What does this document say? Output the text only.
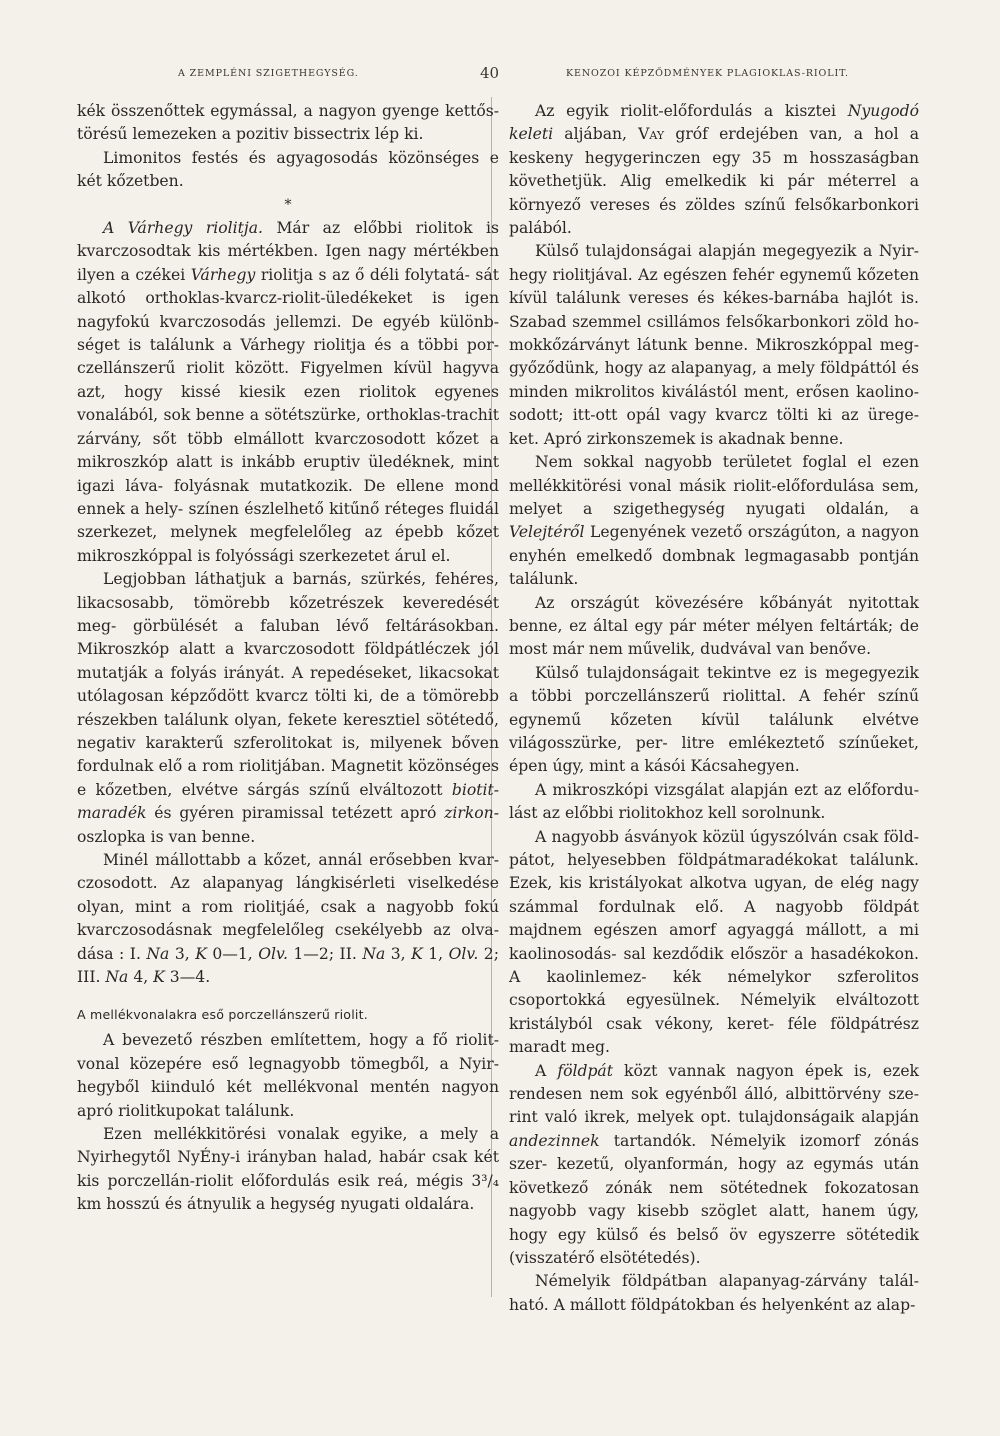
A ZEMPLÉNI SZIGETHEGYSÉG.	40	KENOZOI KÉPZŐDMÉNYEK PLAGIOKLAS-RIOLIT.

kék összenőttek egymással, a nagyon gyenge kettős- törésű lemezeken a pozitiv bissectrix lép ki.

Limonitos festés és agyagosodás közönséges e két kőzetben.

*

A Várhegy riolitja. Már az előbbi riolitok is kvarczosodtak kis mértékben. Igen nagy mértékben ilyen a czékei Várhegy riolitja s az ő déli folytatá- sát alkotó orthoklas-kvarcz-riolit-üledékeket is igen nagyfokú kvarczosodás jellemzi. De egyéb különb- séget is találunk a Várhegy riolitja és a többi por- czellánszerű riolit között. Figyelmen kívül hagyva azt, hogy kissé kiesik ezen riolitok egyenes vonalából, sok benne a sötétszürke, orthoklas-trachit zárvány, sőt több elmállott kvarczosodott kőzet a mikroszkóp alatt is inkább eruptiv üledéknek, mint igazi láva- folyásnak mutatkozik. De ellene mond ennek a hely- színen észlelhető kitűnő réteges fluidál szerkezet, melynek megfelelőleg az épebb kőzet mikroszkóppal is folyóssági szerkezetet árul el.

Legjobban láthatjuk a barnás, szürkés, fehéres, likacsosabb, tömörebb kőzetrészek keveredését meg- görbülését a faluban lévő feltárásokban. Mikroszkóp alatt a kvarczosodott földpátléczek jól mutatják a folyás irányát. A repedéseket, likacsokat utólagosan képződött kvarcz tölti ki, de a tömörebb részekben találunk olyan, fekete keresztiel sötétedő, negativ karakterű szferolitokat is, milyenek bőven fordulnak elő a rom riolitjában. Magnetit közönséges e kőzetben, elvétve sárgás színű elváltozott biotit- maradék és gyéren piramissal tetézett apró zirkon- oszlopka is van benne.

Minél mállottabb a kőzet, annál erősebben kvar- czosodott. Az alapanyag lángkisérleti viselkedése olyan, mint a rom riolitjáé, csak a nagyobb fokú kvarczosodásnak megfelelőleg csekélyebb az olva- dása : I. Na 3, K 0—1, Olv. 1—2; II. Na 3, K 1, Olv. 2; III. Na 4, K 3—4.

A mellékvonalakra eső porczellánszerű riolit.

A bevezető részben említettem, hogy a fő riolit- vonal közepére eső legnagyobb tömegből, a Nyir- hegyből kiinduló két mellékvonal mentén nagyon apró riolitkupokat találunk.

Ezen mellékkitörési vonalak egyike, a mely a Nyirhegytől NyÉny-i irányban halad, habár csak két kis porczellán-riolit előfordulás esik reá, mégis 3³/₄ km hosszú és átnyulik a hegység nyugati oldalára.

Az egyik riolit-előfordulás a kisztei Nyugodó keleti aljában, Vay gróf erdejében van, a hol a keskeny hegygerinczen egy 35 m hosszaságban követhetjük. Alig emelkedik ki pár méterrel a környező vereses és zöldes színű felsőkarbonkori palából.

Külső tulajdonságai alapján megegyezik a Nyir- hegy riolitjával. Az egészen fehér egynemű kőzeten kívül találunk vereses és kékes-barnába hajlót is. Szabad szemmel csillámos felsőkarbonkori zöld ho- mokkőzárványt látunk benne. Mikroszkóppal meg- győződünk, hogy az alapanyag, a mely földpáttól és minden mikrolitos kiválástól ment, erősen kaolino- sodott; itt-ott opál vagy kvarcz tölti ki az ürege- ket. Apró zirkonszemek is akadnak benne.

Nem sokkal nagyobb területet foglal el ezen mellékkitörési vonal másik riolit-előfordulása sem, melyet a szigethegység nyugati oldalán, a Velejtéről Legenyének vezető országúton, a nagyon enyhén emelkedő dombnak legmagasabb pontján találunk.

Az országút kövezésére kőbányát nyitottak benne, ez által egy pár méter mélyen feltárták; de most már nem művelik, dudvával van benőve.

Külső tulajdonságait tekintve ez is megegyezik a többi porczellánszerű riolittal. A fehér színű egynemű kőzeten kívül találunk elvétve világosszürke, per- litre emlékeztető színűeket, épen úgy, mint a kásói Kácsahegyen.

A mikroszkópi vizsgálat alapján ezt az előfordu- lást az előbbi riolitokhoz kell sorolnunk.

A nagyobb ásványok közül úgyszólván csak föld- pátot, helyesebben földpátmaradékokat találunk. Ezek, kis kristályokat alkotva ugyan, de elég nagy számmal fordulnak elő. A nagyobb földpát majdnem egészen amorf agyaggá mállott, a mi kaolinosodás- sal kezdődik először a hasadékokon. A kaolinlemez- kék némelykor szferolitos csoportokká egyesülnek. Némelyik elváltozott kristályból csak vékony, keret- féle földpátrész maradt meg.

A földpát közt vannak nagyon épek is, ezek rendesen nem sok egyénből álló, albittörvény sze- rint való ikrek, melyek opt. tulajdonságaik alapján andezinnek tartandók. Némelyik izomorf zónás szer- kezetű, olyanformán, hogy az egymás után következő zónák nem sötétednek fokozatosan nagyobb vagy kisebb szöglet alatt, hanem úgy, hogy egy külső és belső öv egyszerre sötétedik (visszatérő elsötétedés).

Némelyik földpátban alapanyag-zárvány talál- ható. A mállott földpátokban és helyenként az alap-
